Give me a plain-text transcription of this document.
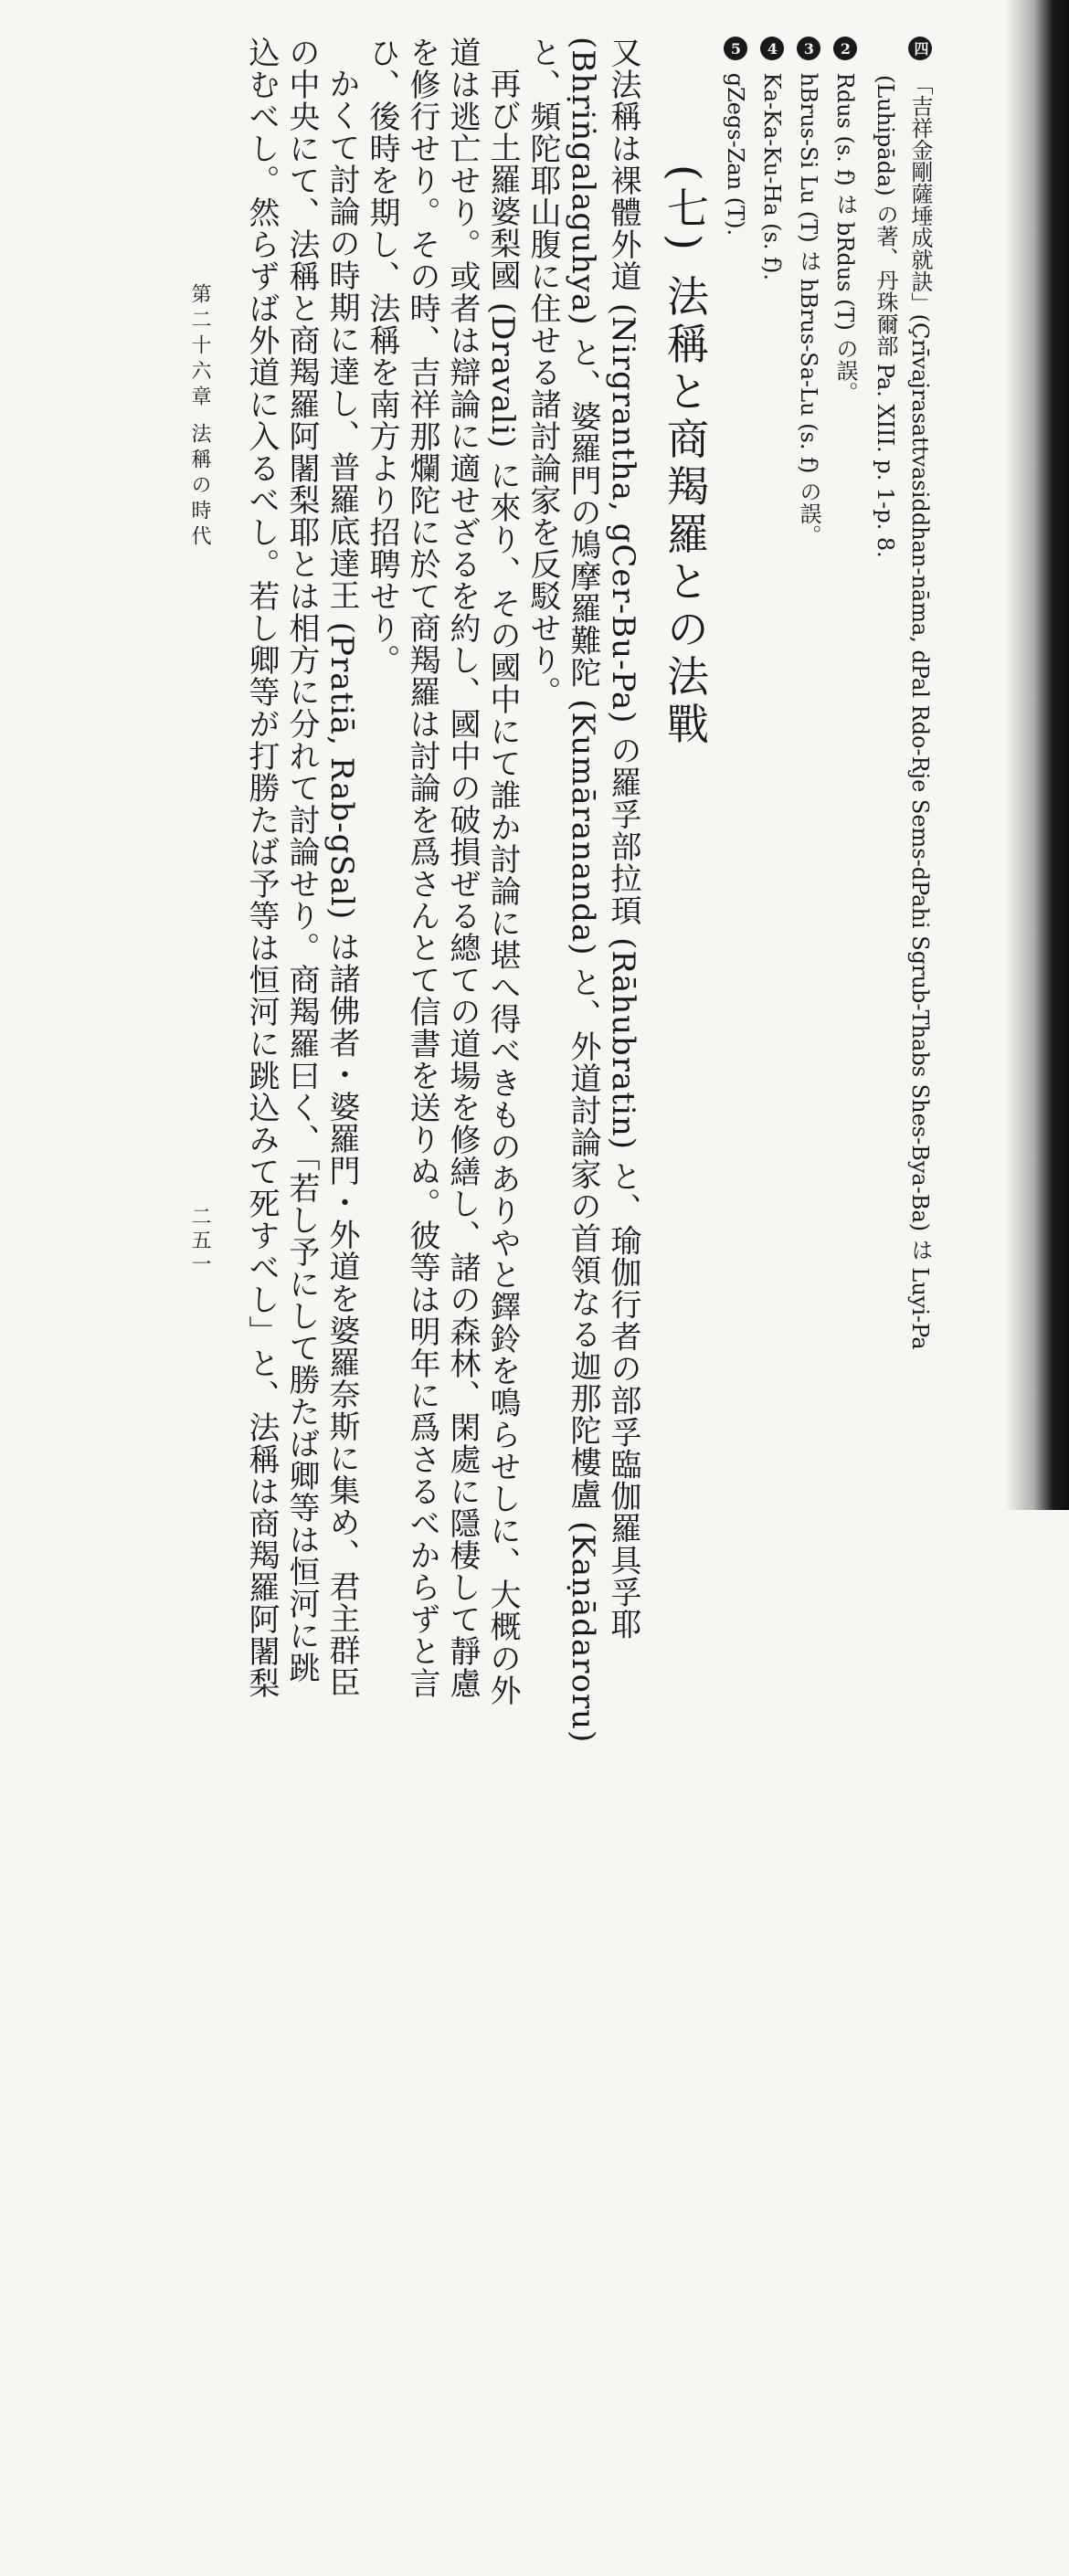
四 「吉祥金剛薩埵成就訣」(Çrīvajrasattvasiddhan-nāma, dPal Rdo-Rje Sems-dPahi Sgrub-Thabs Shes-Bya-Ba) は Luyi-Pa
(Luhipāda) の著、丹珠爾部 Pa. XIII. p. 1-p. 8.
2 Rdus (s. f) は bRdus (T) の誤。
3 hBrus-Si Lu (T) は hBrus-Sa-Lu (s. f) の誤。
4 Ka-Ka-Ku-Ha (s. f).
5 gZegs-Zan (T).
(七) 法稱と商羯羅との法戰
又法稱は裸體外道 (Nirgrantha, gCer-Bu-Pa) の羅孚部拉頊 (Rāhubratin) と、瑜伽行者の部孚臨伽羅具孚耶
(Bhṛiṅgalaguhya) と、婆羅門の鳩摩羅難陀 (Kumārananda) と、外道討論家の首領なる迦那陀樓盧 (Kaṇādaroru)
と、頻陀耶山腹に住せる諸討論家を反駁せり。
再び土羅婆梨國 (Dravali) に來り、その國中にて誰か討論に堪へ得べきものありやと鐸鈴を鳴らせしに、大概の外
道は逃亡せり。或者は辯論に適せざるを約し、國中の破損ぜる總ての道場を修繕し、諸の森林、閑處に隱棲して靜慮
を修行せり。その時、吉祥那爛陀に於て商羯羅は討論を爲さんとて信書を送りぬ。彼等は明年に爲さるべからずと言
ひ、後時を期し、法稱を南方より招聘せり。
かくて討論の時期に達し、普羅底達王 (Pratiā, Rab-gSal) は諸佛者・婆羅門・外道を婆羅奈斯に集め、君主群臣
の中央にて、法稱と商羯羅阿闍梨耶とは相方に分れて討論せり。商羯羅曰く、「若し予にして勝たば卿等は恒河に跳
込むべし。然らずば外道に入るべし。若し卿等が打勝たば予等は恒河に跳込みて死すべし」と、法稱は商羯羅阿闍梨
第二十六章 法稱の時代
二五一
